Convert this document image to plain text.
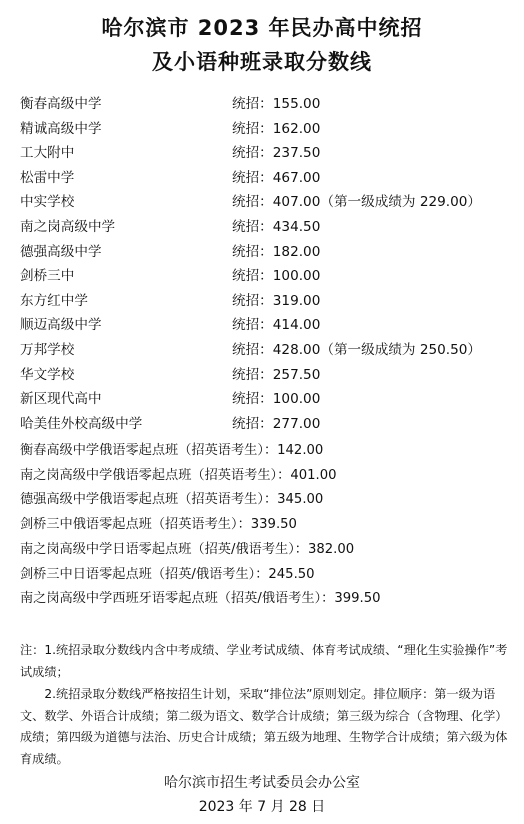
哈尔滨市 2023 年民办高中统招
及小语种班录取分数线
衡春高级中学	统招：155.00
精诚高级中学	统招：162.00
工大附中	统招：237.50
松雷中学	统招：467.00
中实学校	统招：407.00（第一级成绩为 229.00）
南之岗高级中学	统招：434.50
德强高级中学	统招：182.00
剑桥三中	统招：100.00
东方红中学	统招：319.00
顺迈高级中学	统招：414.00
万邦学校	统招：428.00（第一级成绩为 250.50）
华文学校	统招：257.50
新区现代高中	统招：100.00
哈美佳外校高级中学	统招：277.00
衡春高级中学俄语零起点班（招英语考生）：142.00
南之岗高级中学俄语零起点班（招英语考生）：401.00
德强高级中学俄语零起点班（招英语考生）：345.00
剑桥三中俄语零起点班（招英语考生）：339.50
南之岗高级中学日语零起点班（招英/俄语考生）：382.00
剑桥三中日语零起点班（招英/俄语考生）：245.50
南之岗高级中学西班牙语零起点班（招英/俄语考生）：399.50
注：1.统招录取分数线内含中考成绩、学业考试成绩、体育考试成绩、“理化生实验操作”考试成绩；
2.统招录取分数线严格按招生计划，采取“排位法”原则划定。排位顺序：第一级为语文、数学、外语合计成绩；第二级为语文、数学合计成绩；第三级为综合（含物理、化学）成绩；第四级为道德与法治、历史合计成绩；第五级为地理、生物学合计成绩；第六级为体育成绩。
哈尔滨市招生考试委员会办公室
2023 年 7 月 28 日
